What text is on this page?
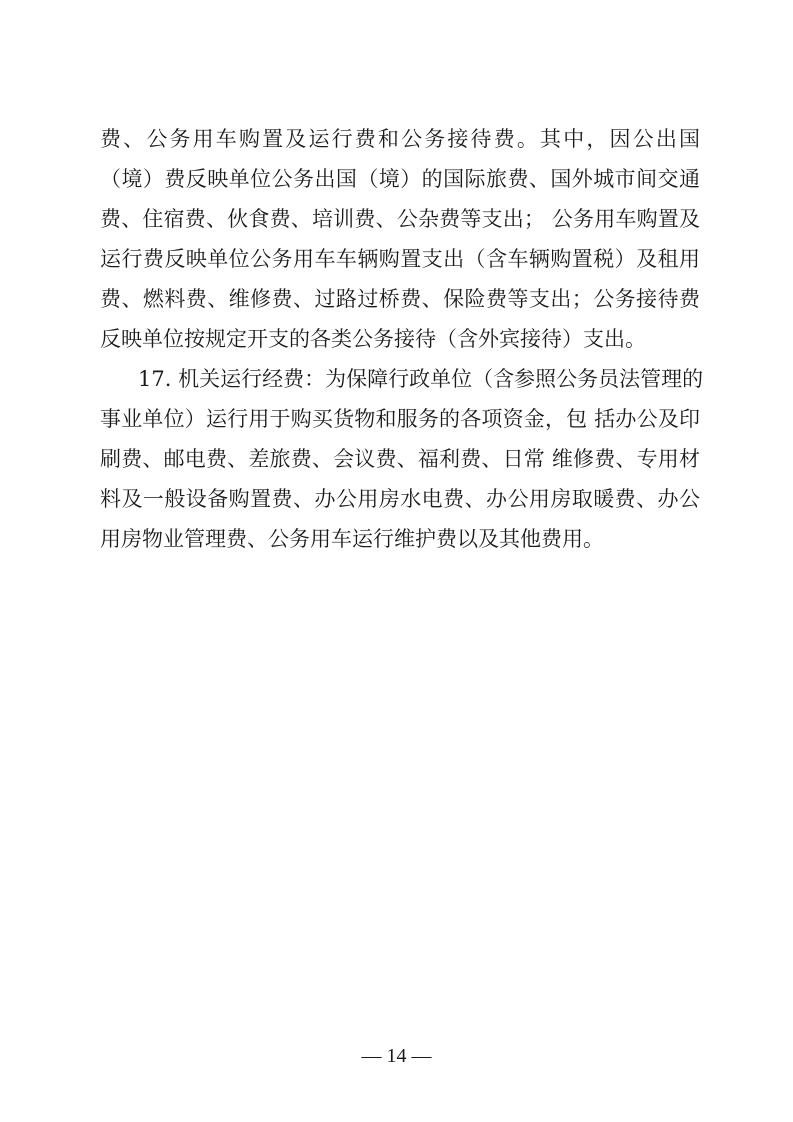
费、公务用车购置及运行费和公务接待费。其中，因公出国
（境）费反映单位公务出国（境）的国际旅费、国外城市间交通
费、住宿费、伙食费、培训费、公杂费等支出； 公务用车购置及
运行费反映单位公务用车车辆购置支出（含车辆购置税）及租用
费、燃料费、维修费、过路过桥费、保险费等支出；公务接待费
反映单位按规定开支的各类公务接待（含外宾接待）支出。
17. 机关运行经费：为保障行政单位（含参照公务员法管理的
事业单位）运行用于购买货物和服务的各项资金，包 括办公及印
刷费、邮电费、差旅费、会议费、福利费、日常 维修费、专用材
料及一般设备购置费、办公用房水电费、办公用房取暖费、办公
用房物业管理费、公务用车运行维护费以及其他费用。
— 14 —
